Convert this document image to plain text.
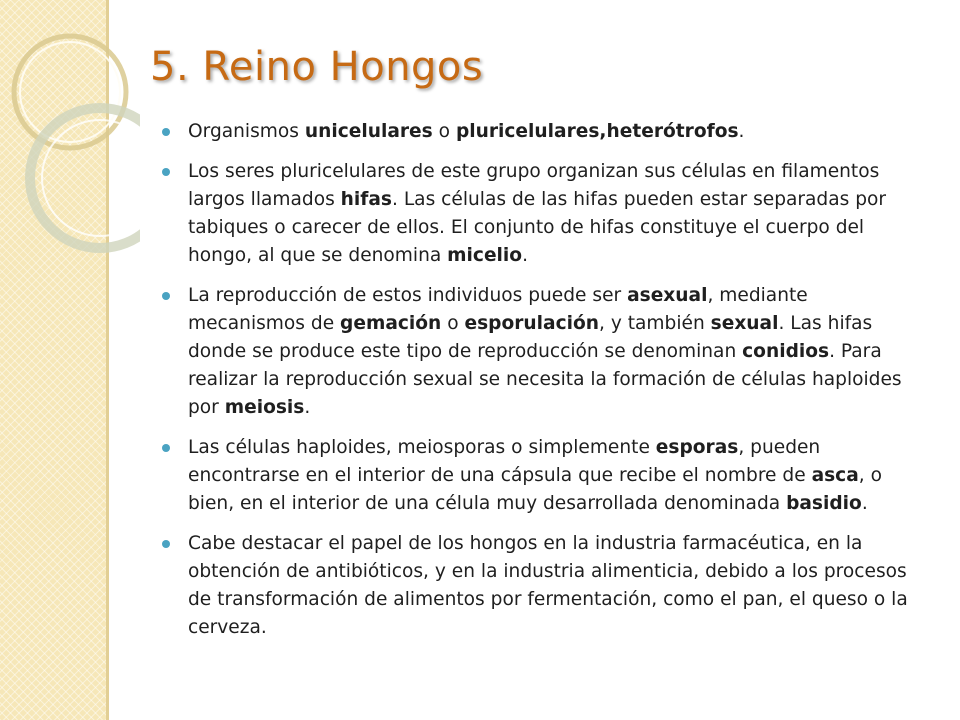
5. Reino Hongos
Organismos unicelulares o pluricelulares,heterótrofos.
Los seres pluricelulares de este grupo organizan sus células en filamentos largos llamados hifas. Las células de las hifas pueden estar separadas por tabiques o carecer de ellos. El conjunto de hifas constituye el cuerpo del hongo, al que se denomina micelio.
La reproducción de estos individuos puede ser asexual, mediante mecanismos de gemación o esporulación, y también sexual. Las hifas donde se produce este tipo de reproducción se denominan conidios. Para realizar la reproducción sexual se necesita la formación de células haploides por meiosis.
Las células haploides, meiosporas o simplemente esporas, pueden encontrarse en el interior de una cápsula que recibe el nombre de asca, o bien, en el interior de una célula muy desarrollada denominada basidio.
Cabe destacar el papel de los hongos en la industria farmacéutica, en la obtención de antibióticos, y en la industria alimenticia, debido a los procesos de transformación de alimentos por fermentación, como el pan, el queso o la cerveza.
